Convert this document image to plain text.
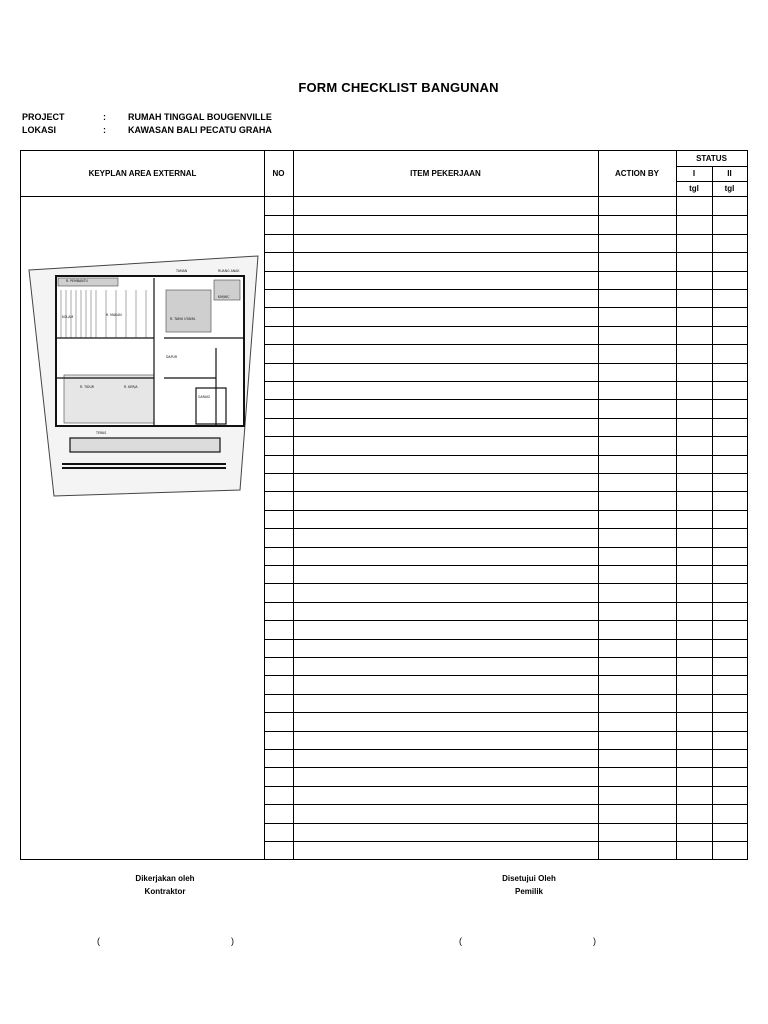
FORM CHECKLIST BANGUNAN
PROJECT	: RUMAH TINGGAL BOUGENVILLE
LOKASI	: KAWASAN BALI PECATU GRAHA
KEYPLAN AREA EXTERNAL	NO	ITEM PEKERJAAN	ACTION BY
STATUS
I	II
tgl	tgl
R. PEMBANTU
TAMAN	RUANG ANAK
R. MAKAN
R. TAMU UTAMA
R. TIDUR	R. KERJA
GARASI
KOLAM
TERAS
DAPUR
KM/WC
Dikerjakan oleh
Kontraktor
Disetujui Oleh
Pemilik
(	)	(	)
